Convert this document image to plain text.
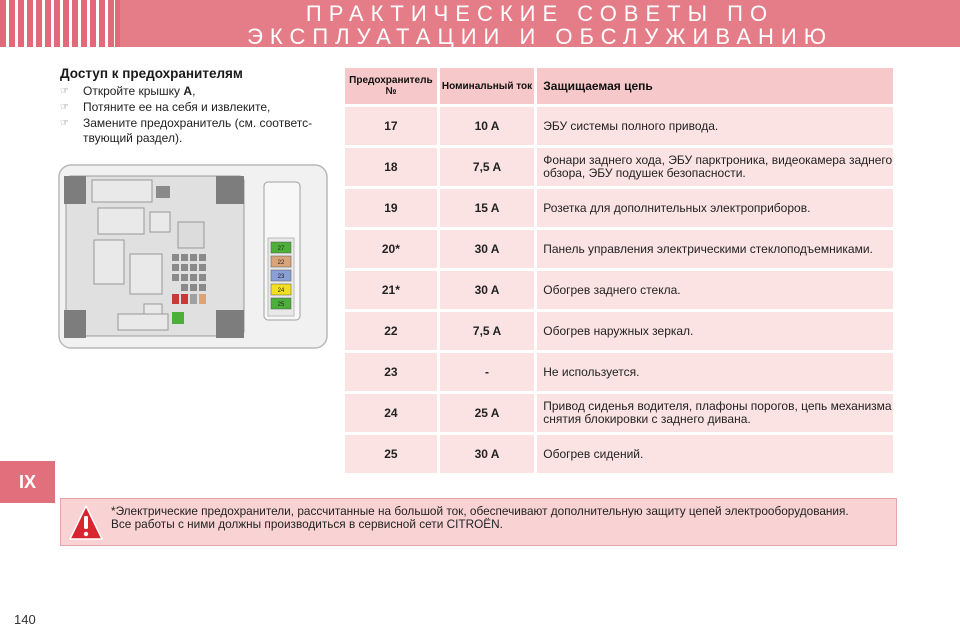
ПРАКТИЧЕСКИЕ СОВЕТЫ ПО
ЭКСПЛУАТАЦИИ И ОБСЛУЖИВАНИЮ
Доступ к предохранителям
☞ Откройте крышку A,
☞ Потяните ее на себя и извлеките,
☞ Замените предохранитель (см. соответс-твующий раздел).
27
22
23
24
25
Предохранитель №	Номинальный ток	Защищаемая цепь
17	10 A	ЭБУ системы полного привода.
18	7,5 A	Фонари заднего хода, ЭБУ парктроника, видеокамера заднего обзора, ЭБУ подушек безопасности.
19	15 A	Розетка для дополнительных электроприборов.
20*	30 A	Панель управления электрическими стеклоподъемниками.
21*	30 A	Обогрев заднего стекла.
22	7,5 A	Обогрев наружных зеркал.
23	-	Не используется.
24	25 A	Привод сиденья водителя, плафоны порогов, цепь механизма снятия блокировки с заднего дивана.
25	30 A	Обогрев сидений.
IX
*Электрические предохранители, рассчитанные на большой ток, обеспечивают дополнительную защиту цепей электрооборудования.
Все работы с ними должны производиться в сервисной сети CITROËN.
140
